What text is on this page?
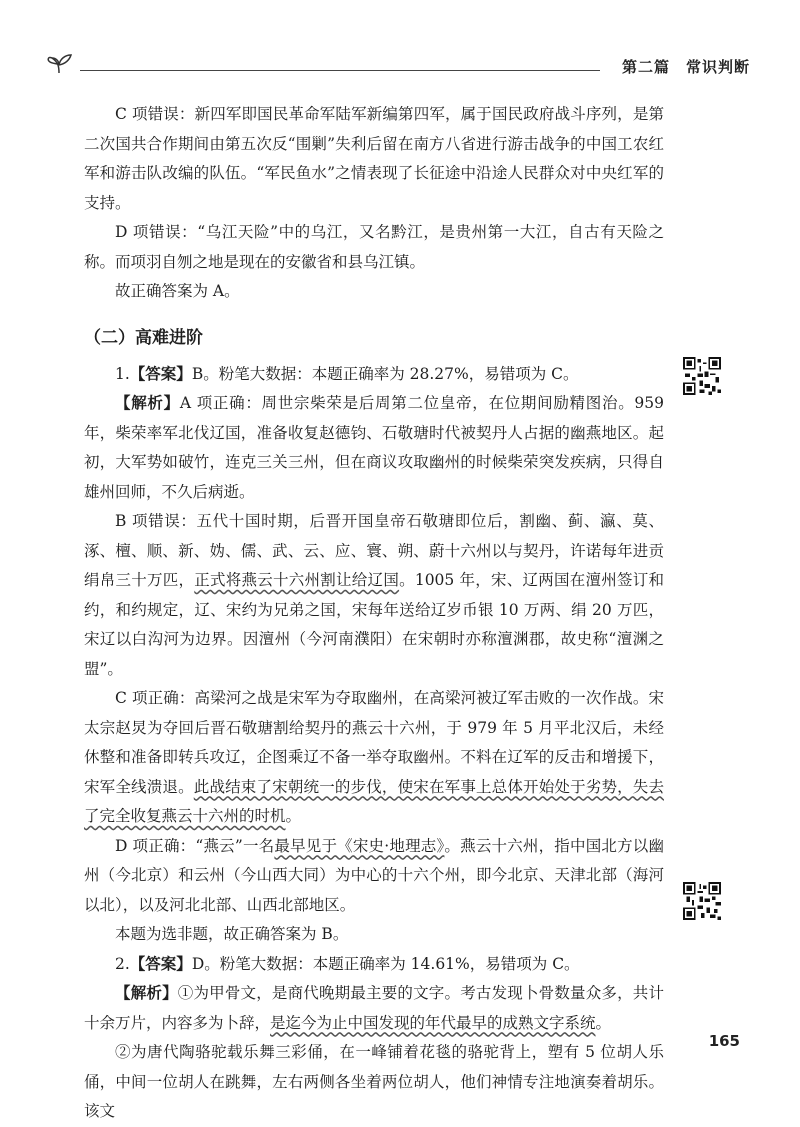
第二篇　常识判断

C 项错误：新四军即国民革命军陆军新编第四军，属于国民政府战斗序列，是第二次国共合作期间由第五次反“围剿”失利后留在南方八省进行游击战争的中国工农红军和游击队改编的队伍。“军民鱼水”之情表现了长征途中沿途人民群众对中央红军的支持。

D 项错误：“乌江天险”中的乌江，又名黔江，是贵州第一大江，自古有天险之称。而项羽自刎之地是现在的安徽省和县乌江镇。

故正确答案为 A。

（二）高难进阶

1.【答案】B。粉笔大数据：本题正确率为 28.27%，易错项为 C。

【解析】A 项正确：周世宗柴荣是后周第二位皇帝，在位期间励精图治。959 年，柴荣率军北伐辽国，准备收复赵德钧、石敬瑭时代被契丹人占据的幽燕地区。起初，大军势如破竹，连克三关三州，但在商议攻取幽州的时候柴荣突发疾病，只得自雄州回师，不久后病逝。

B 项错误：五代十国时期，后晋开国皇帝石敬瑭即位后，割幽、蓟、瀛、莫、涿、檀、顺、新、妫、儒、武、云、应、寰、朔、蔚十六州以与契丹，许诺每年进贡绢帛三十万匹，正式将燕云十六州割让给辽国。1005 年，宋、辽两国在澶州签订和约，和约规定，辽、宋约为兄弟之国，宋每年送给辽岁币银 10 万两、绢 20 万匹，宋辽以白沟河为边界。因澶州（今河南濮阳）在宋朝时亦称澶渊郡，故史称“澶渊之盟”。

C 项正确：高梁河之战是宋军为夺取幽州，在高梁河被辽军击败的一次作战。宋太宗赵炅为夺回后晋石敬瑭割给契丹的燕云十六州，于 979 年 5 月平北汉后，未经休整和准备即转兵攻辽，企图乘辽不备一举夺取幽州。不料在辽军的反击和增援下，宋军全线溃退。此战结束了宋朝统一的步伐，使宋在军事上总体开始处于劣势，失去了完全收复燕云十六州的时机。

D 项正确：“燕云”一名最早见于《宋史·地理志》。燕云十六州，指中国北方以幽州（今北京）和云州（今山西大同）为中心的十六个州，即今北京、天津北部（海河以北），以及河北北部、山西北部地区。

本题为选非题，故正确答案为 B。

2.【答案】D。粉笔大数据：本题正确率为 14.61%，易错项为 C。

【解析】①为甲骨文，是商代晚期最主要的文字。考古发现卜骨数量众多，共计十余万片，内容多为卜辞，是迄今为止中国发现的年代最早的成熟文字系统。

②为唐代陶骆驼载乐舞三彩俑，在一峰铺着花毯的骆驼背上，塑有 5 位胡人乐俑，中间一位胡人在跳舞，左右两侧各坐着两位胡人，他们神情专注地演奏着胡乐。该文

165
